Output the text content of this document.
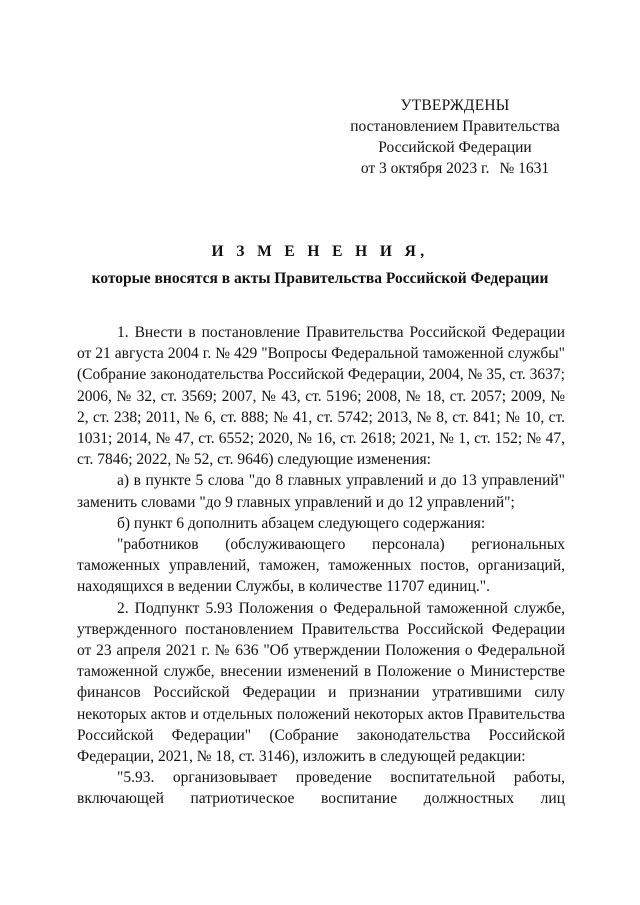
УТВЕРЖДЕНЫ
постановлением Правительства
Российской Федерации
от 3 октября 2023 г. № 1631
И З М Е Н Е Н И Я,
которые вносятся в акты Правительства Российской Федерации

1. Внести в постановление Правительства Российской Федерации от 21 августа 2004 г. № 429 "Вопросы Федеральной таможенной службы" (Собрание законодательства Российской Федерации, 2004, № 35, ст. 3637; 2006, № 32, ст. 3569; 2007, № 43, ст. 5196; 2008, № 18, ст. 2057; 2009, № 2, ст. 238; 2011, № 6, ст. 888; № 41, ст. 5742; 2013, № 8, ст. 841; № 10, ст. 1031; 2014, № 47, ст. 6552; 2020, № 16, ст. 2618; 2021, № 1, ст. 152; № 47, ст. 7846; 2022, № 52, ст. 9646) следующие изменения:

а) в пункте 5 слова "до 8 главных управлений и до 13 управлений" заменить словами "до 9 главных управлений и до 12 управлений";

б) пункт 6 дополнить абзацем следующего содержания:

"работников (обслуживающего персонала) региональных таможенных управлений, таможен, таможенных постов, организаций, находящихся в ведении Службы, в количестве 11707 единиц.".

2. Подпункт 5.93 Положения о Федеральной таможенной службе, утвержденного постановлением Правительства Российской Федерации от 23 апреля 2021 г. № 636 "Об утверждении Положения о Федеральной таможенной службе, внесении изменений в Положение о Министерстве финансов Российской Федерации и признании утратившими силу некоторых актов и отдельных положений некоторых актов Правительства Российской Федерации" (Собрание законодательства Российской Федерации, 2021, № 18, ст. 3146), изложить в следующей редакции:

"5.93. организовывает проведение воспитательной работы, включающей патриотическое воспитание должностных лиц
